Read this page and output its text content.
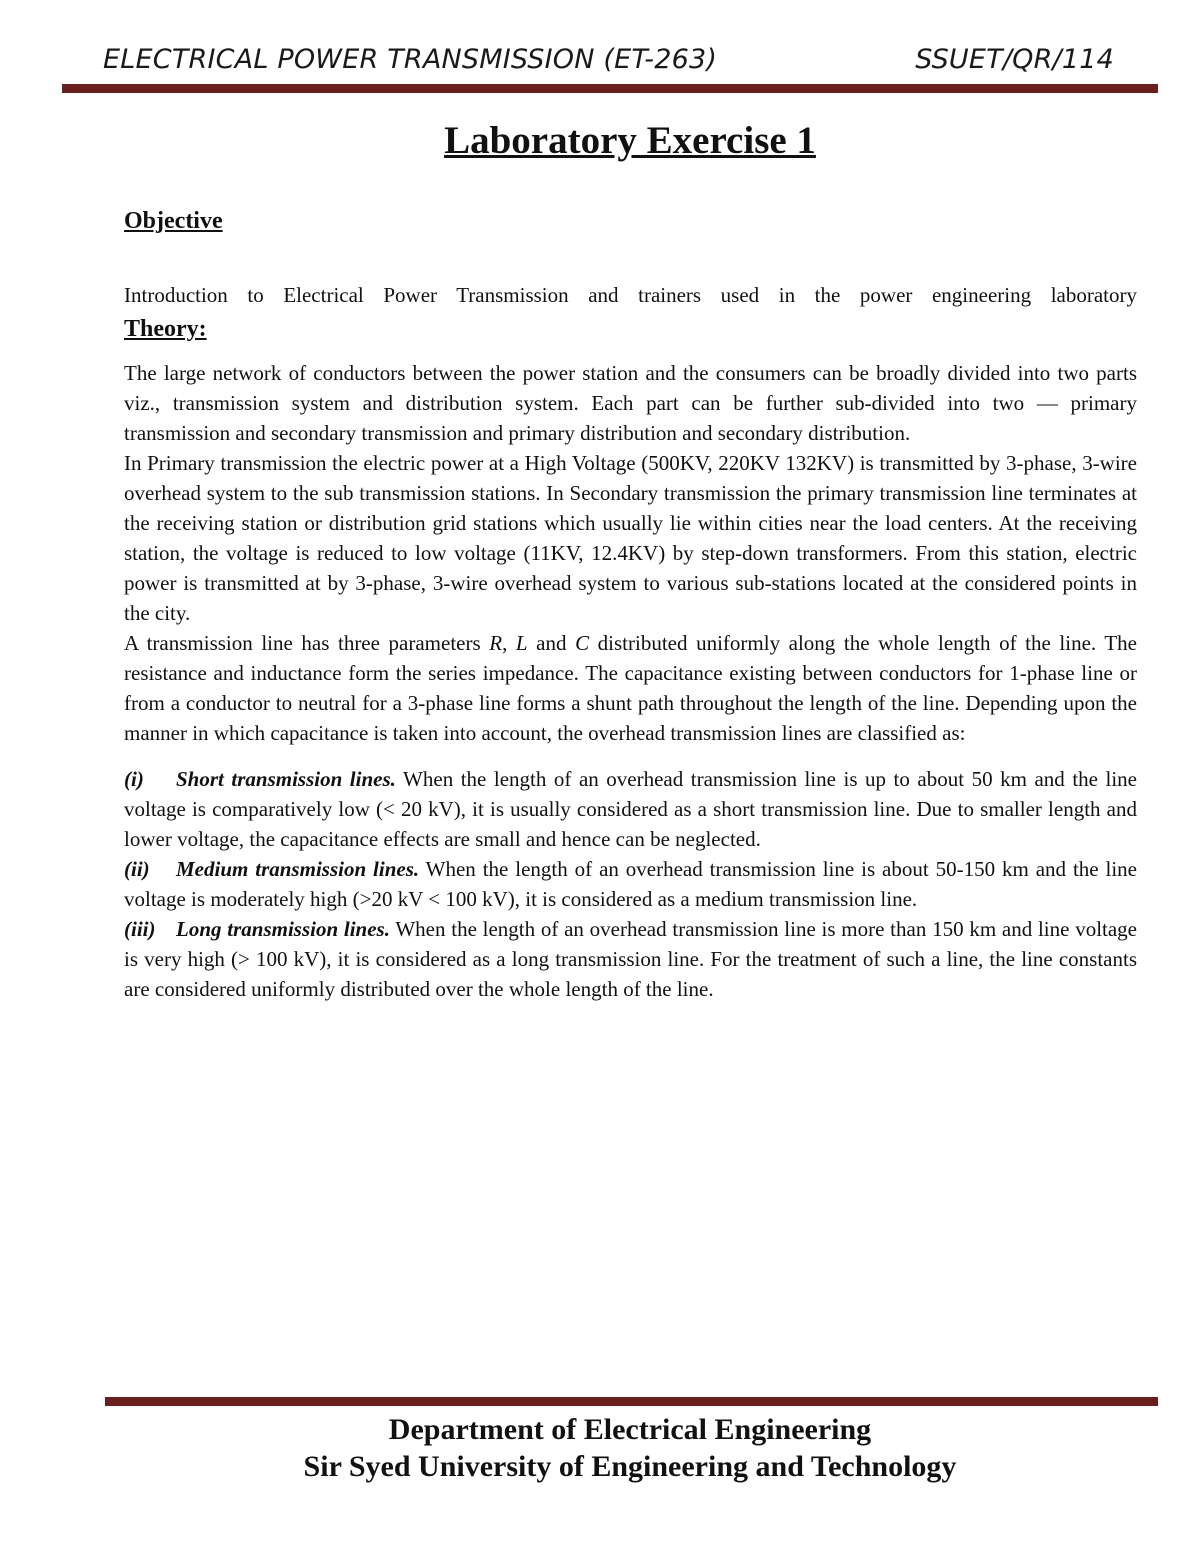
ELECTRICAL POWER TRANSMISSION (ET-263)	SSUET/QR/114
Laboratory Exercise 1
Objective

Introduction to Electrical Power Transmission and trainers used in the power engineering laboratory

Theory:

The large network of conductors between the power station and the consumers can be broadly divided into two parts viz., transmission system and distribution system. Each part can be further sub-divided into two — primary transmission and secondary transmission and primary distribution and secondary distribution.

In Primary transmission the electric power at a High Voltage (500KV, 220KV 132KV) is transmitted by 3-phase, 3-wire overhead system to the sub transmission stations. In Secondary transmission the primary transmission line terminates at the receiving station or distribution grid stations which usually lie within cities near the load centers. At the receiving station, the voltage is reduced to low voltage (11KV, 12.4KV) by step-down transformers. From this station, electric power is transmitted at by 3-phase, 3-wire overhead system to various sub-stations located at the considered points in the city.

A transmission line has three parameters R, L and C distributed uniformly along the whole length of the line. The resistance and inductance form the series impedance. The capacitance existing between conductors for 1-phase line or from a conductor to neutral for a 3-phase line forms a shunt path throughout the length of the line. Depending upon the manner in which capacitance is taken into account, the overhead transmission lines are classified as:

(i) Short transmission lines. When the length of an overhead transmission line is up to about 50 km and the line voltage is comparatively low (< 20 kV), it is usually considered as a short transmission line. Due to smaller length and lower voltage, the capacitance effects are small and hence can be neglected.

(ii) Medium transmission lines. When the length of an overhead transmission line is about 50-150 km and the line voltage is moderately high (>20 kV < 100 kV), it is considered as a medium transmission line.

(iii) Long transmission lines. When the length of an overhead transmission line is more than 150 km and line voltage is very high (> 100 kV), it is considered as a long transmission line. For the treatment of such a line, the line constants are considered uniformly distributed over the whole length of the line.

Department of Electrical Engineering
Sir Syed University of Engineering and Technology
